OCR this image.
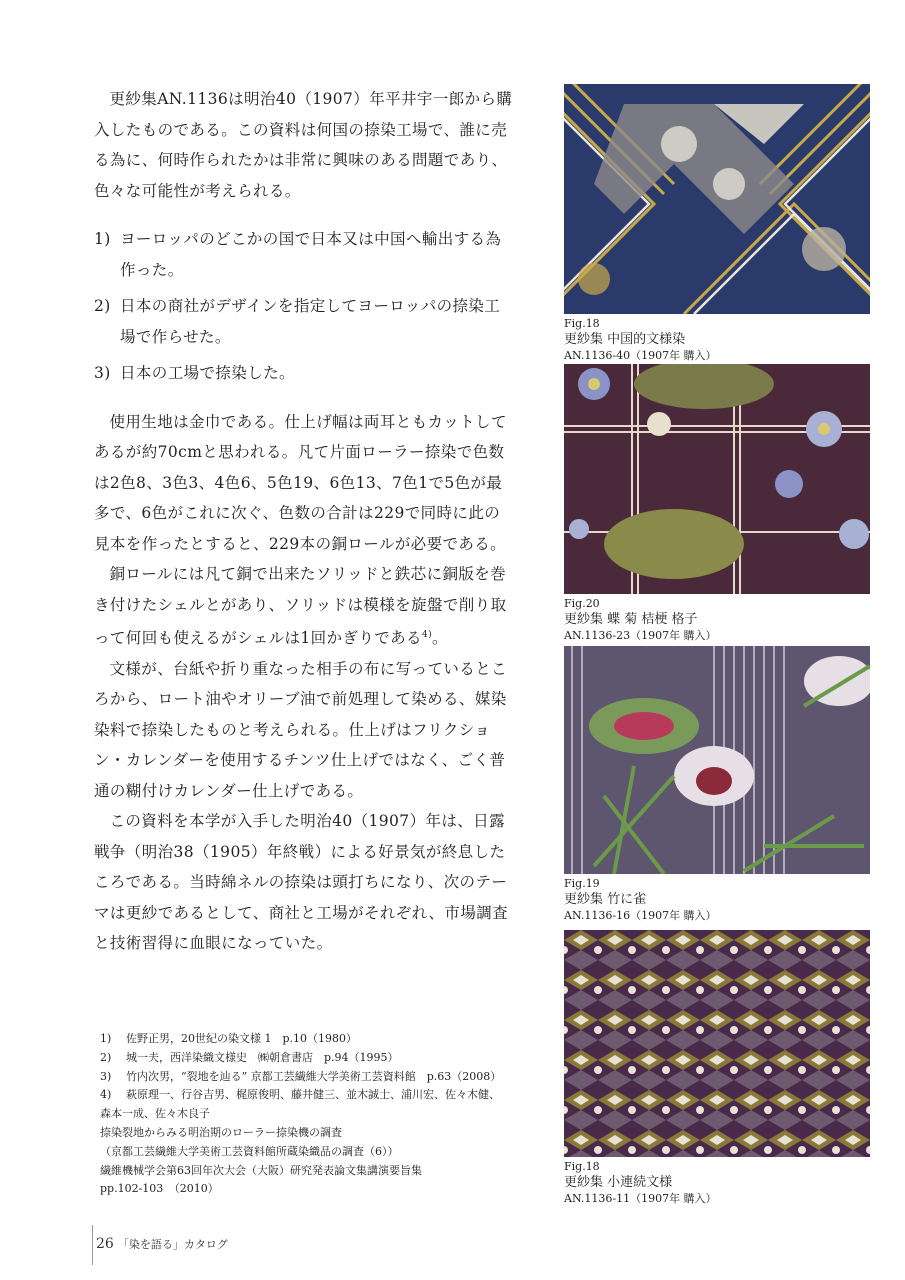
更紗集AN.1136は明治40（1907）年平井宇一郎から購入したものである。この資料は何国の捺染工場で、誰に売る為に、何時作られたかは非常に興味のある問題であり、色々な可能性が考えられる。

1) ヨーロッパのどこかの国で日本又は中国へ輸出する為作った。
2) 日本の商社がデザインを指定してヨーロッパの捺染工場で作らせた。
3) 日本の工場で捺染した。

使用生地は金巾である。仕上げ幅は両耳ともカットしてあるが約70cmと思われる。凡て片面ローラー捺染で色数は2色8、3色3、4色6、5色19、6色13、7色1で5色が最多で、6色がこれに次ぐ、色数の合計は229で同時に此の見本を作ったとすると、229本の銅ロールが必要である。

銅ロールには凡て銅で出来たソリッドと鉄芯に銅版を巻き付けたシェルとがあり、ソリッドは模様を旋盤で削り取って何回も使えるがシェルは1回かぎりである$^{4)}$。

文様が、台紙や折り重なった相手の布に写っているところから、ロート油やオリーブ油で前処理して染める、媒染染料で捺染したものと考えられる。仕上げはフリクション・カレンダーを使用するチンツ仕上げではなく、ごく普通の糊付けカレンダー仕上げである。

この資料を本学が入手した明治40（1907）年は、日露戦争（明治38（1905）年終戦）による好景気が終息したころである。当時綿ネルの捺染は頭打ちになり、次のテーマは更紗であるとして、商社と工場がそれぞれ、市場調査と技術習得に血眼になっていた。

1)	佐野正男，20世紀の染文様 1　p.10（1980）
2)	城一夫，西洋染織文様史　㈱朝倉書店　p.94（1995）
3)	竹内次男，“裂地を辿る” 京都工芸繊維大学美術工芸資料館　p.63（2008）
4)	萩原理一、行谷吉男、梶原俊明、藤井健三、並木誠士、浦川宏、佐々木健、
森本一成、佐々木良子
捺染裂地からみる明治期のローラー捺染機の調査
（京都工芸繊維大学美術工芸資料館所蔵染織品の調査（6））
繊維機械学会第63回年次大会（大阪）研究発表論文集講演要旨集
pp.102-103　（2010）
26 「染を語る」カタログ
Fig.18
更紗集 中国的文様染
AN.1136-40（1907年 購入）
Fig.20
更紗集 蝶 菊 桔梗 格子
AN.1136-23（1907年 購入）
Fig.19
更紗集 竹に雀
AN.1136-16（1907年 購入）
Fig.18
更紗集 小連続文様
AN.1136-11（1907年 購入）
